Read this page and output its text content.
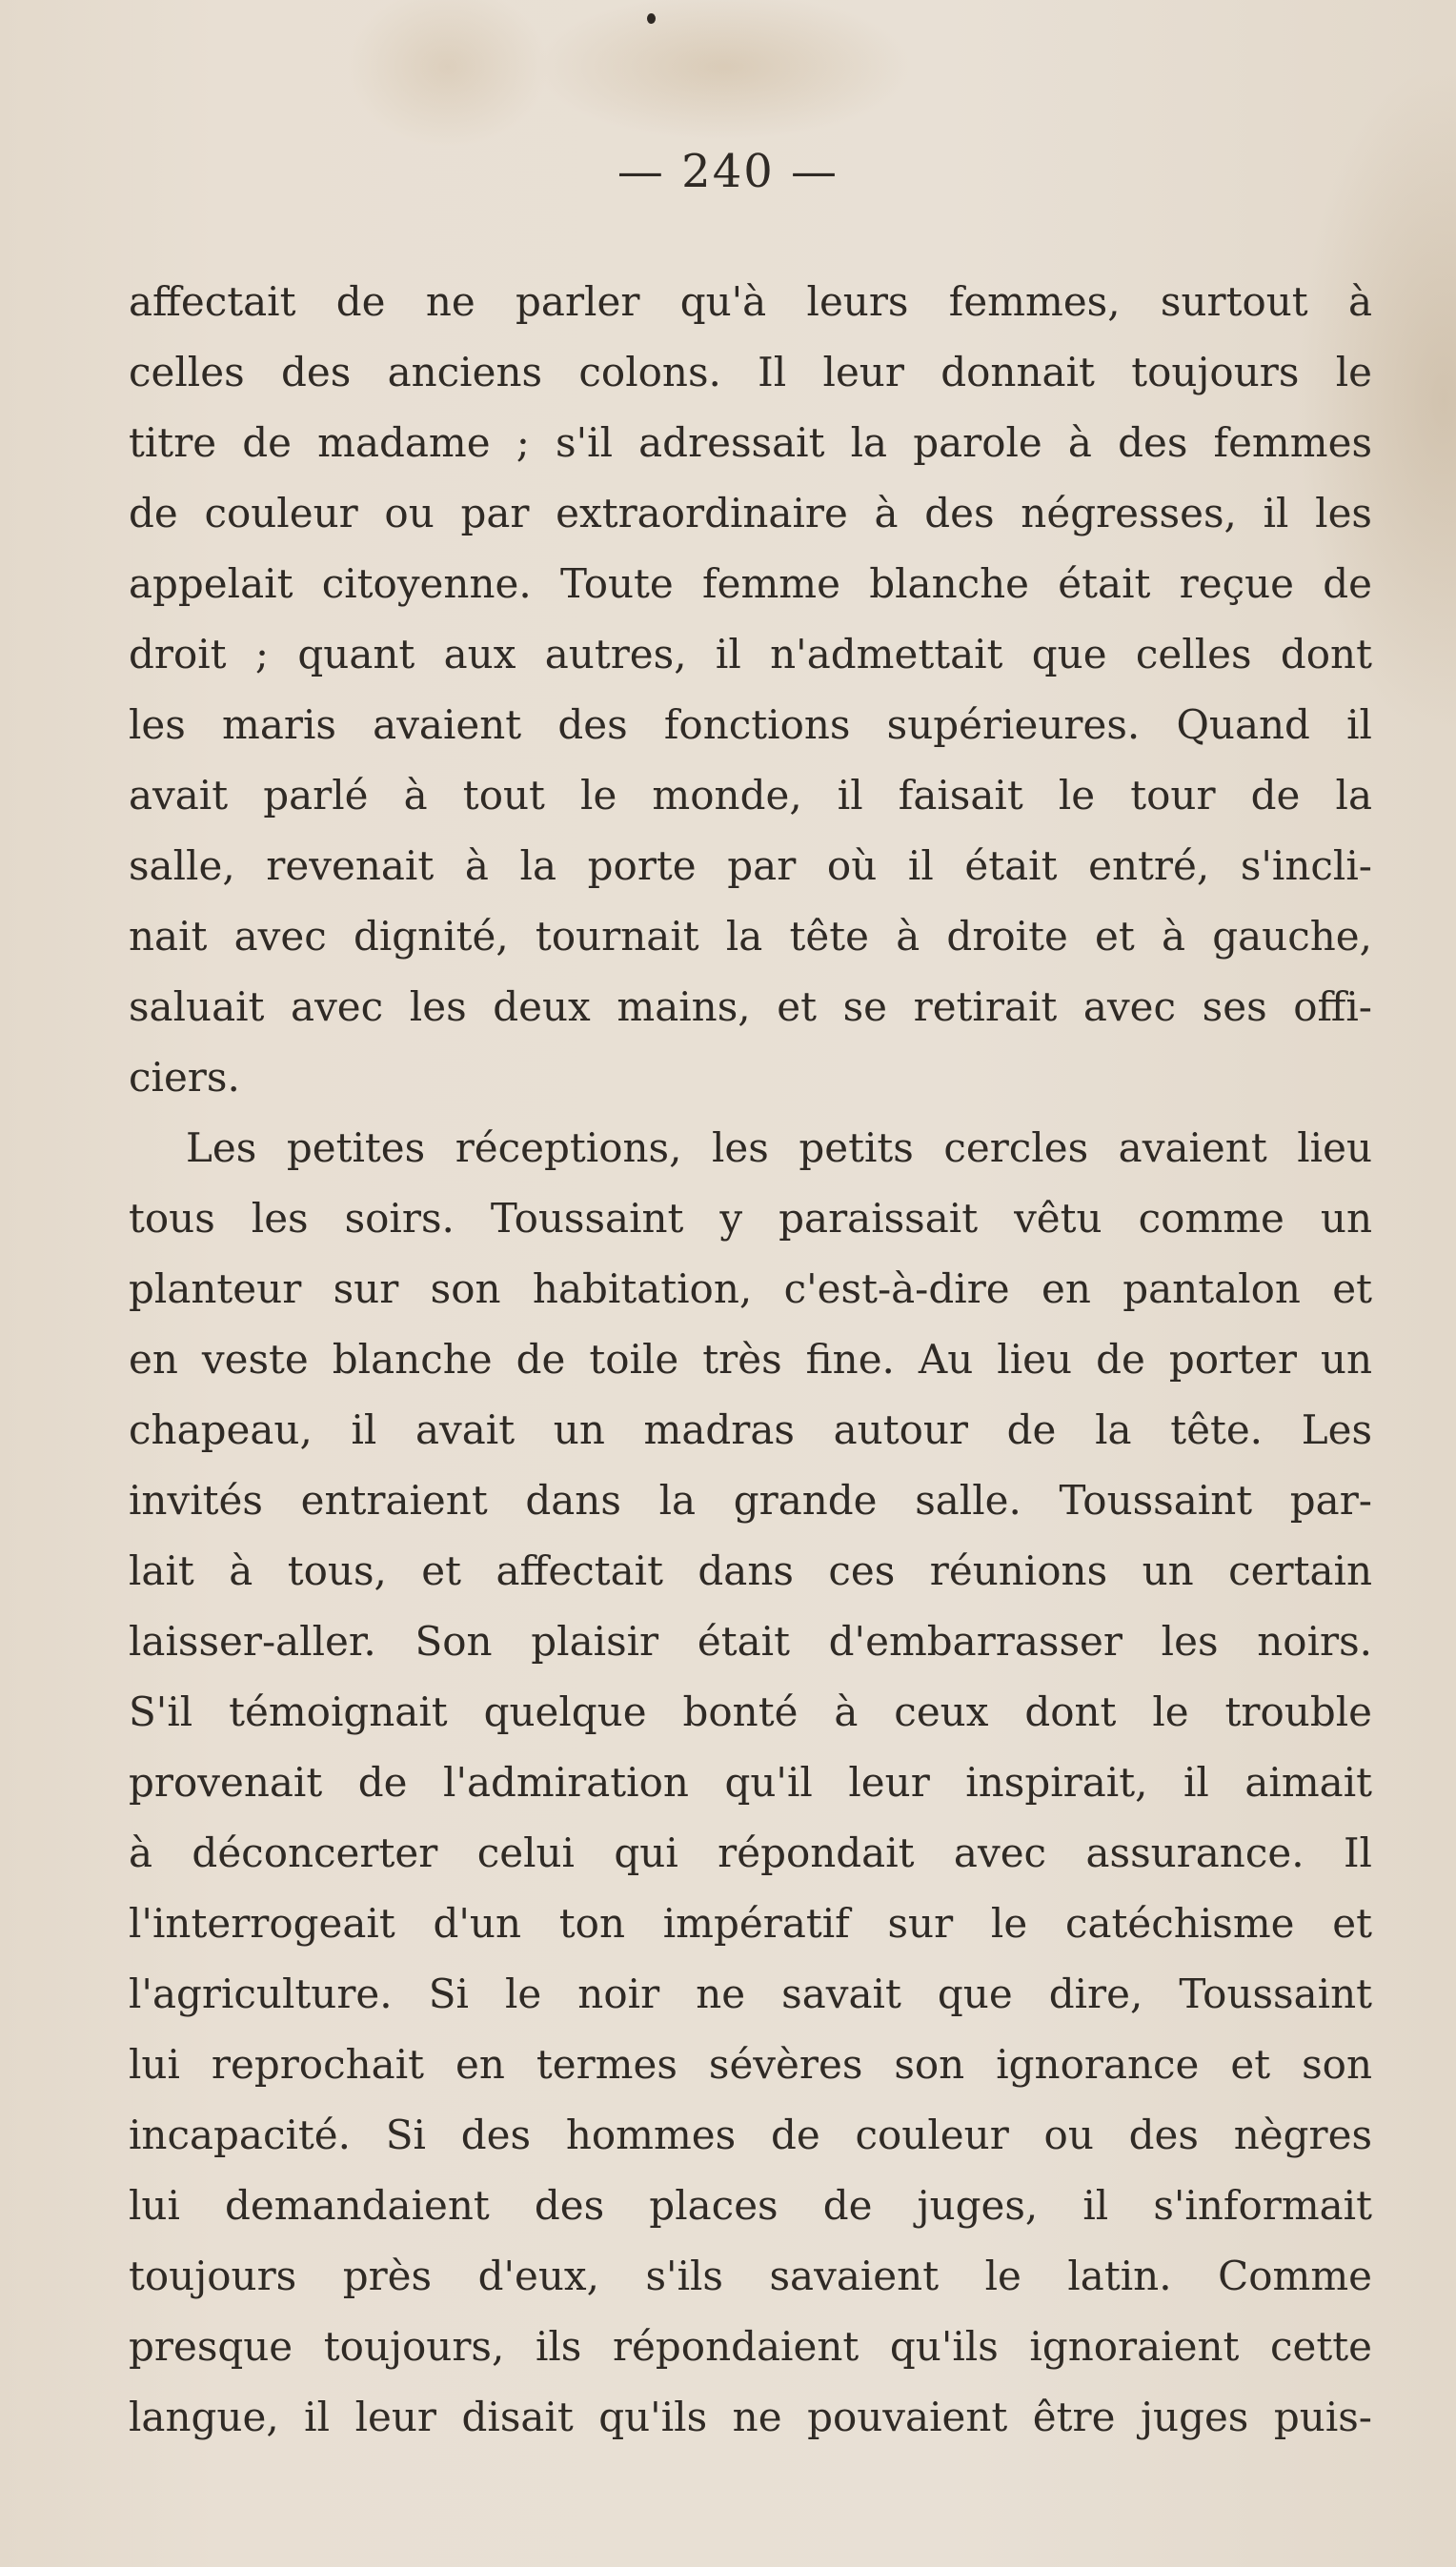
— 240 —
affectait de ne parler qu'à leurs femmes, surtout à
celles des anciens colons. Il leur donnait toujours le
titre de madame ; s'il adressait la parole à des femmes
de couleur ou par extraordinaire à des négresses, il les
appelait citoyenne. Toute femme blanche était reçue de
droit ; quant aux autres, il n'admettait que celles dont
les maris avaient des fonctions supérieures. Quand il
avait parlé à tout le monde, il faisait le tour de la
salle, revenait à la porte par où il était entré, s'incli-
nait avec dignité, tournait la tête à droite et à gauche,
saluait avec les deux mains, et se retirait avec ses offi-
ciers.
Les petites réceptions, les petits cercles avaient lieu
tous les soirs. Toussaint y paraissait vêtu comme un
planteur sur son habitation, c'est-à-dire en pantalon et
en veste blanche de toile très fine. Au lieu de porter un
chapeau, il avait un madras autour de la tête. Les
invités entraient dans la grande salle. Toussaint par-
lait à tous, et affectait dans ces réunions un certain
laisser-aller. Son plaisir était d'embarrasser les noirs.
S'il témoignait quelque bonté à ceux dont le trouble
provenait de l'admiration qu'il leur inspirait, il aimait
à déconcerter celui qui répondait avec assurance. Il
l'interrogeait d'un ton impératif sur le catéchisme et
l'agriculture. Si le noir ne savait que dire, Toussaint
lui reprochait en termes sévères son ignorance et son
incapacité. Si des hommes de couleur ou des nègres
lui demandaient des places de juges, il s'informait
toujours près d'eux, s'ils savaient le latin. Comme
presque toujours, ils répondaient qu'ils ignoraient cette
langue, il leur disait qu'ils ne pouvaient être juges puis-
